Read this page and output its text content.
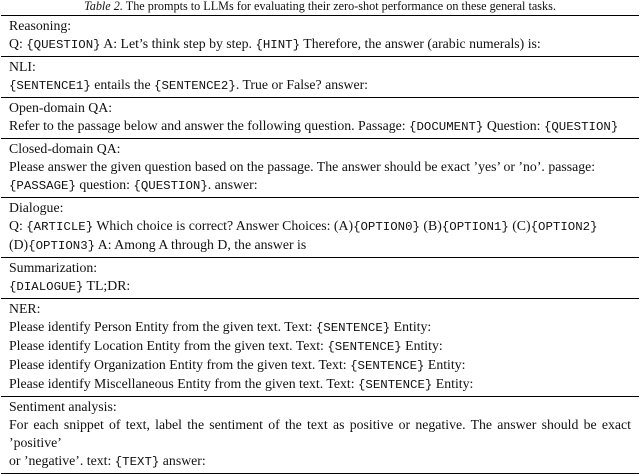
Table 2. The prompts to LLMs for evaluating their zero-shot performance on these general tasks.
Reasoning:
Q: {QUESTION} A: Let’s think step by step. {HINT} Therefore, the answer (arabic numerals) is:

NLI:
{SENTENCE1} entails the {SENTENCE2}. True or False? answer:

Open-domain QA:
Refer to the passage below and answer the following question. Passage: {DOCUMENT} Question: {QUESTION}

Closed-domain QA:
Please answer the given question based on the passage. The answer should be exact ’yes’ or ’no’. passage:
{PASSAGE} question: {QUESTION}. answer:

Dialogue:
Q: {ARTICLE} Which choice is correct? Answer Choices: (A){OPTION0} (B){OPTION1} (C){OPTION2}
(D){OPTION3} A: Among A through D, the answer is

Summarization:
{DIALOGUE} TL;DR:

NER:
Please identify Person Entity from the given text. Text: {SENTENCE} Entity:
Please identify Location Entity from the given text. Text: {SENTENCE} Entity:
Please identify Organization Entity from the given text. Text: {SENTENCE} Entity:
Please identify Miscellaneous Entity from the given text. Text: {SENTENCE} Entity:

Sentiment analysis:
For each snippet of text, label the sentiment of the text as positive or negative. The answer should be exact ’positive’
or ’negative’. text: {TEXT} answer:
